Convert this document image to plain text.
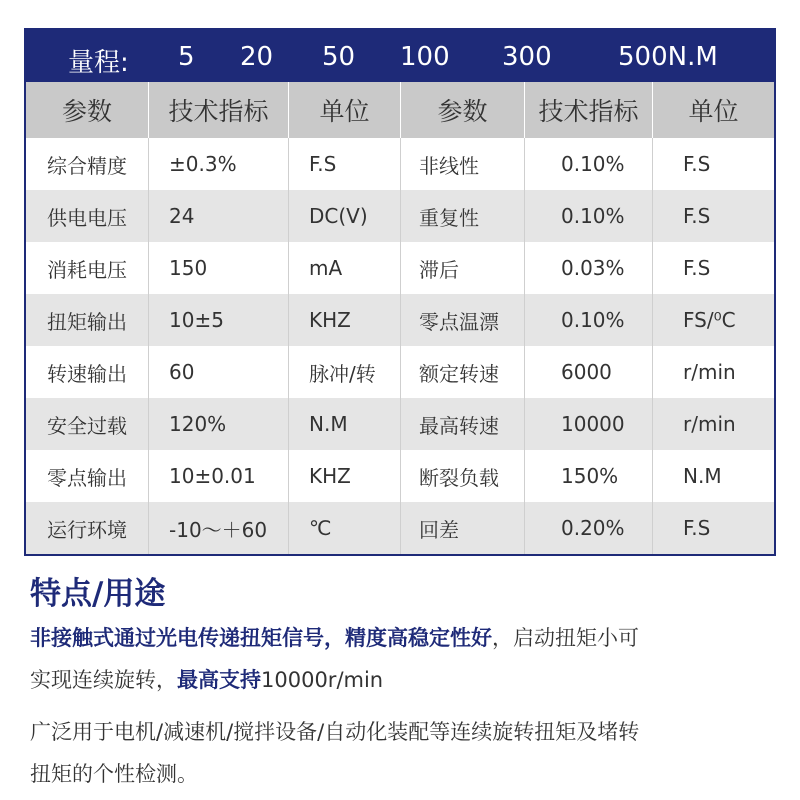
量程: 5 20 50 100 300	500N.M
参数	技术指标	单位	参数	技术指标	单位
综合精度	±0.3%	F.S	非线性	0.10%	F.S
供电电压	24	DC(V)	重复性	0.10%	F.S
消耗电压	150	mA	滞后	0.03%	F.S
扭矩输出	10±5	KHZ	零点温漂	0.10%	FS/⁰C
转速输出	60	脉冲/转	额定转速	6000	r/min
安全过载	120%	N.M	最高转速	10000	r/min
零点输出	10±0.01	KHZ	断裂负载	150%	N.M
运行环境	-10～＋60	℃	回差	0.20%	F.S
特点/用途
非接触式通过光电传递扭矩信号，精度高稳定性好，启动扭矩小可
实现连续旋转，最高支持10000r/min
广泛用于电机/减速机/搅拌设备/自动化装配等连续旋转扭矩及堵转
扭矩的个性检测。
